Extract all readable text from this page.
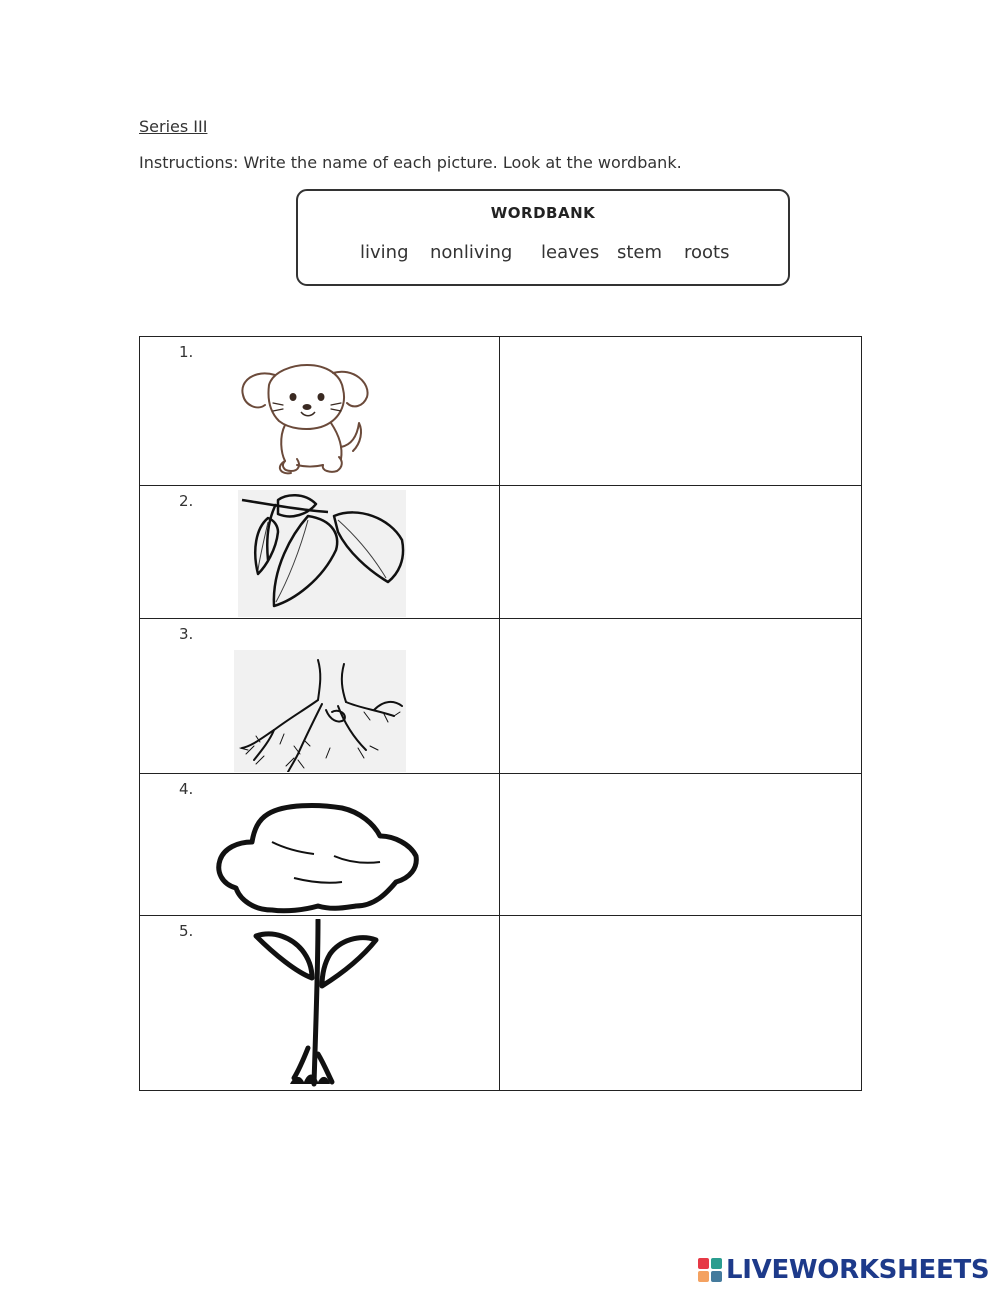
Series III
Instructions: Write the name of each picture. Look at the wordbank.
WORDBANK
living nonliving leaves stem roots
1.	

2.	

3.	

4.	

5.	

LIVEWORKSHEETS
